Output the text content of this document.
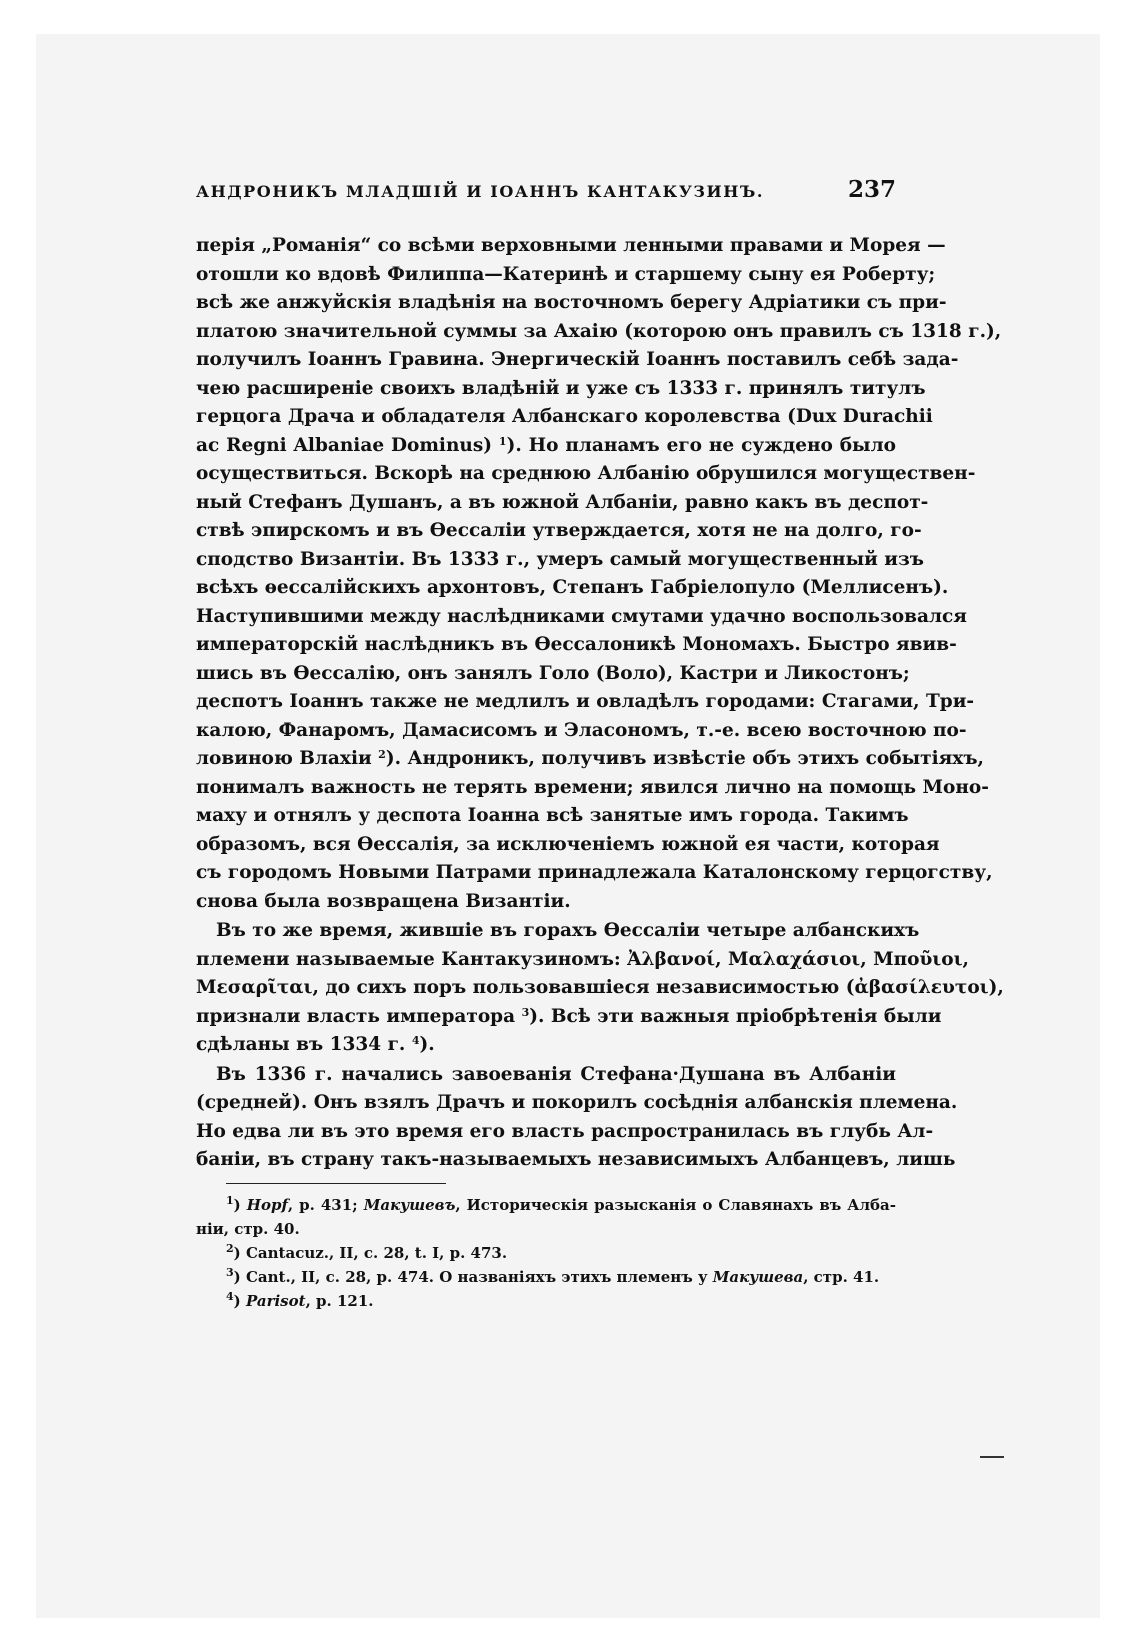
АНДРОНИКЪ МЛАДШІЙ И ІОАННЪ КАНТАКУЗИНЪ.	237
перія „Романія“ со всѣми верховными ленными правами и Морея —
отошли ко вдовѣ Филиппа—Катеринѣ и старшему сыну ея Роберту;
всѣ же анжуйскія владѣнія на восточномъ берегу Адріатики съ при-
платою значительной суммы за Ахаію (которою онъ правилъ съ 1318 г.),
получилъ Іоаннъ Гравина. Энергическій Іоаннъ поставилъ себѣ зада-
чею расширеніе своихъ владѣній и уже съ 1333 г. принялъ титулъ
герцога Драча и обладателя Албанскаго королевства (Dux Durachii
ac Regni Albaniae Dominus) $^1$). Но планамъ его не суждено было
осуществиться. Вскорѣ на среднюю Албанію обрушился могуществен-
ный Стефанъ Душанъ, а въ южной Албаніи, равно какъ въ деспот-
ствѣ эпирскомъ и въ Ѳессаліи утверждается, хотя не на долго, го-
сподство Византіи. Въ 1333 г., умеръ самый могущественный изъ
всѣхъ ѳессалійскихъ архонтовъ, Степанъ Габріелопуло (Меллисенъ).
Наступившими между наслѣдниками смутами удачно воспользовался
императорскій наслѣдникъ въ Ѳессалоникѣ Мономахъ. Быстро явив-
шись въ Ѳессалію, онъ занялъ Голо (Воло), Кастри и Ликостонъ;
деспотъ Іоаннъ также не медлилъ и овладѣлъ городами: Стагами, Три-
калою, Фанаромъ, Дамасисомъ и Эласономъ, т.-е. всею восточною по-
ловиною Влахіи $^2$). Андроникъ, получивъ извѣстіе объ этихъ событіяхъ,
понималъ важность не терять времени; явился лично на помощь Моно-
маху и отнялъ у деспота Іоанна всѣ занятые имъ города. Такимъ
образомъ, вся Ѳессалія, за исключеніемъ южной ея части, которая
съ городомъ Новыми Патрами принадлежала Каталонскому герцогству,
снова была возвращена Византіи.
Въ то же время, жившіе въ горахъ Ѳессаліи четыре албанскихъ
племени называемые Кантакузиномъ: Ἀλβανοί, Μαλαχάσιοι, Μποῦιοι,
Μεσαρῖται, до сихъ поръ пользовавшіеся независимостью (ἀβασίλευτοι),
признали власть императора $^3$). Всѣ эти важныя пріобрѣтенія были
сдѣланы въ 1334 г. $^4$).
Въ 1336 г. начались завоеванія Стефана·Душана въ Албаніи
(средней). Онъ взялъ Драчъ и покорилъ сосѣднія албанскія племена.
Но едва ли въ это время его власть распространилась въ глубь Ал-
баніи, въ страну такъ-называемыхъ независимыхъ Албанцевъ, лишь
$^1$) Hopf, p. 431; Макушевъ, Историческія разысканія о Славянахъ въ Алба-
ніи, стр. 40.
$^2$) Cantacuz., II, c. 28, t. I, p. 473.
$^3$) Cant., II, c. 28, p. 474. О названіяхъ этихъ племенъ у Макушева, стр. 41.
$^4$) Parisot, p. 121.
